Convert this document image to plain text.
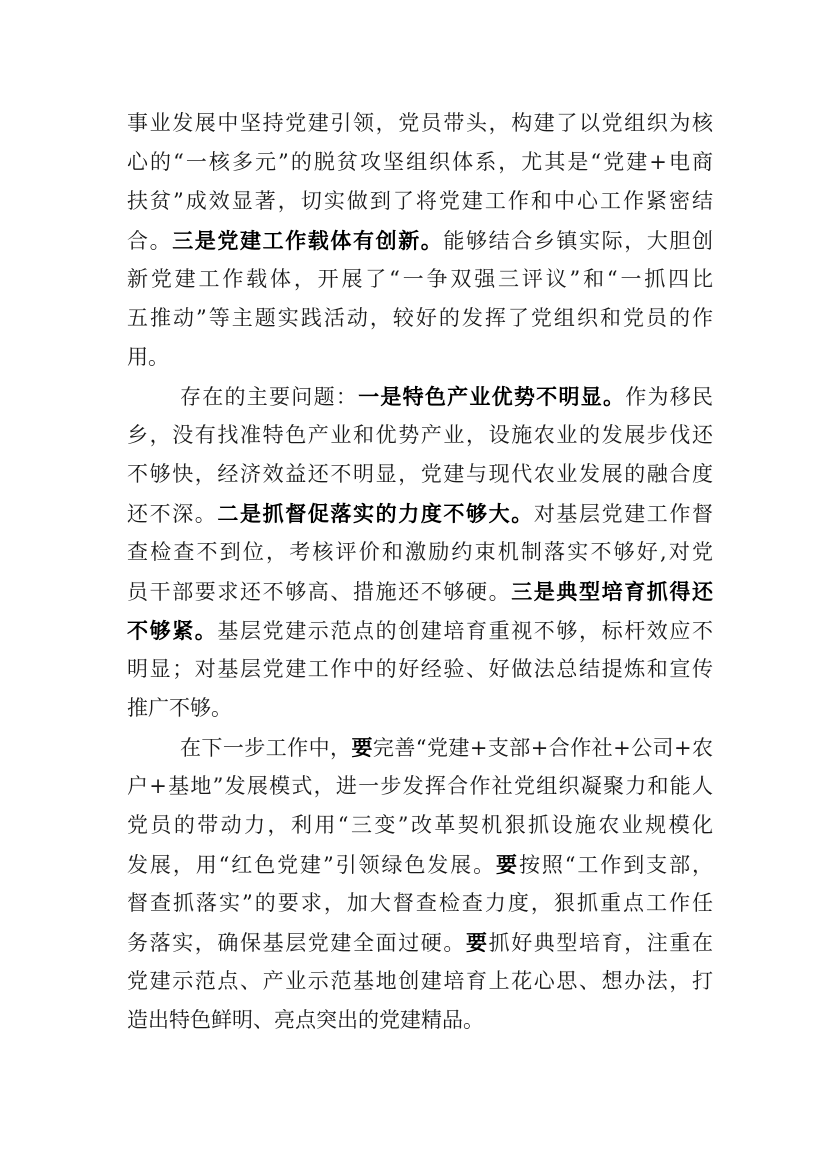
事业发展中坚持党建引领，党员带头，构建了以党组织为核
心的“一核多元”的脱贫攻坚组织体系，尤其是“党建+电商
扶贫”成效显著，切实做到了将党建工作和中心工作紧密结
合。三是党建工作载体有创新。能够结合乡镇实际，大胆创
新党建工作载体，开展了“一争双强三评议”和“一抓四比
五推动”等主题实践活动，较好的发挥了党组织和党员的作
用。
存在的主要问题：一是特色产业优势不明显。作为移民
乡，没有找准特色产业和优势产业，设施农业的发展步伐还
不够快，经济效益还不明显，党建与现代农业发展的融合度
还不深。二是抓督促落实的力度不够大。对基层党建工作督
查检查不到位，考核评价和激励约束机制落实不够好,对党
员干部要求还不够高、措施还不够硬。三是典型培育抓得还
不够紧。基层党建示范点的创建培育重视不够，标杆效应不
明显；对基层党建工作中的好经验、好做法总结提炼和宣传
推广不够。
在下一步工作中，要完善“党建+支部+合作社+公司+农
户+基地”发展模式，进一步发挥合作社党组织凝聚力和能人
党员的带动力，利用“三变”改革契机狠抓设施农业规模化
发展，用“红色党建”引领绿色发展。要按照“工作到支部，
督查抓落实”的要求，加大督查检查力度，狠抓重点工作任
务落实，确保基层党建全面过硬。要抓好典型培育，注重在
党建示范点、产业示范基地创建培育上花心思、想办法，打
造出特色鲜明、亮点突出的党建精品。
